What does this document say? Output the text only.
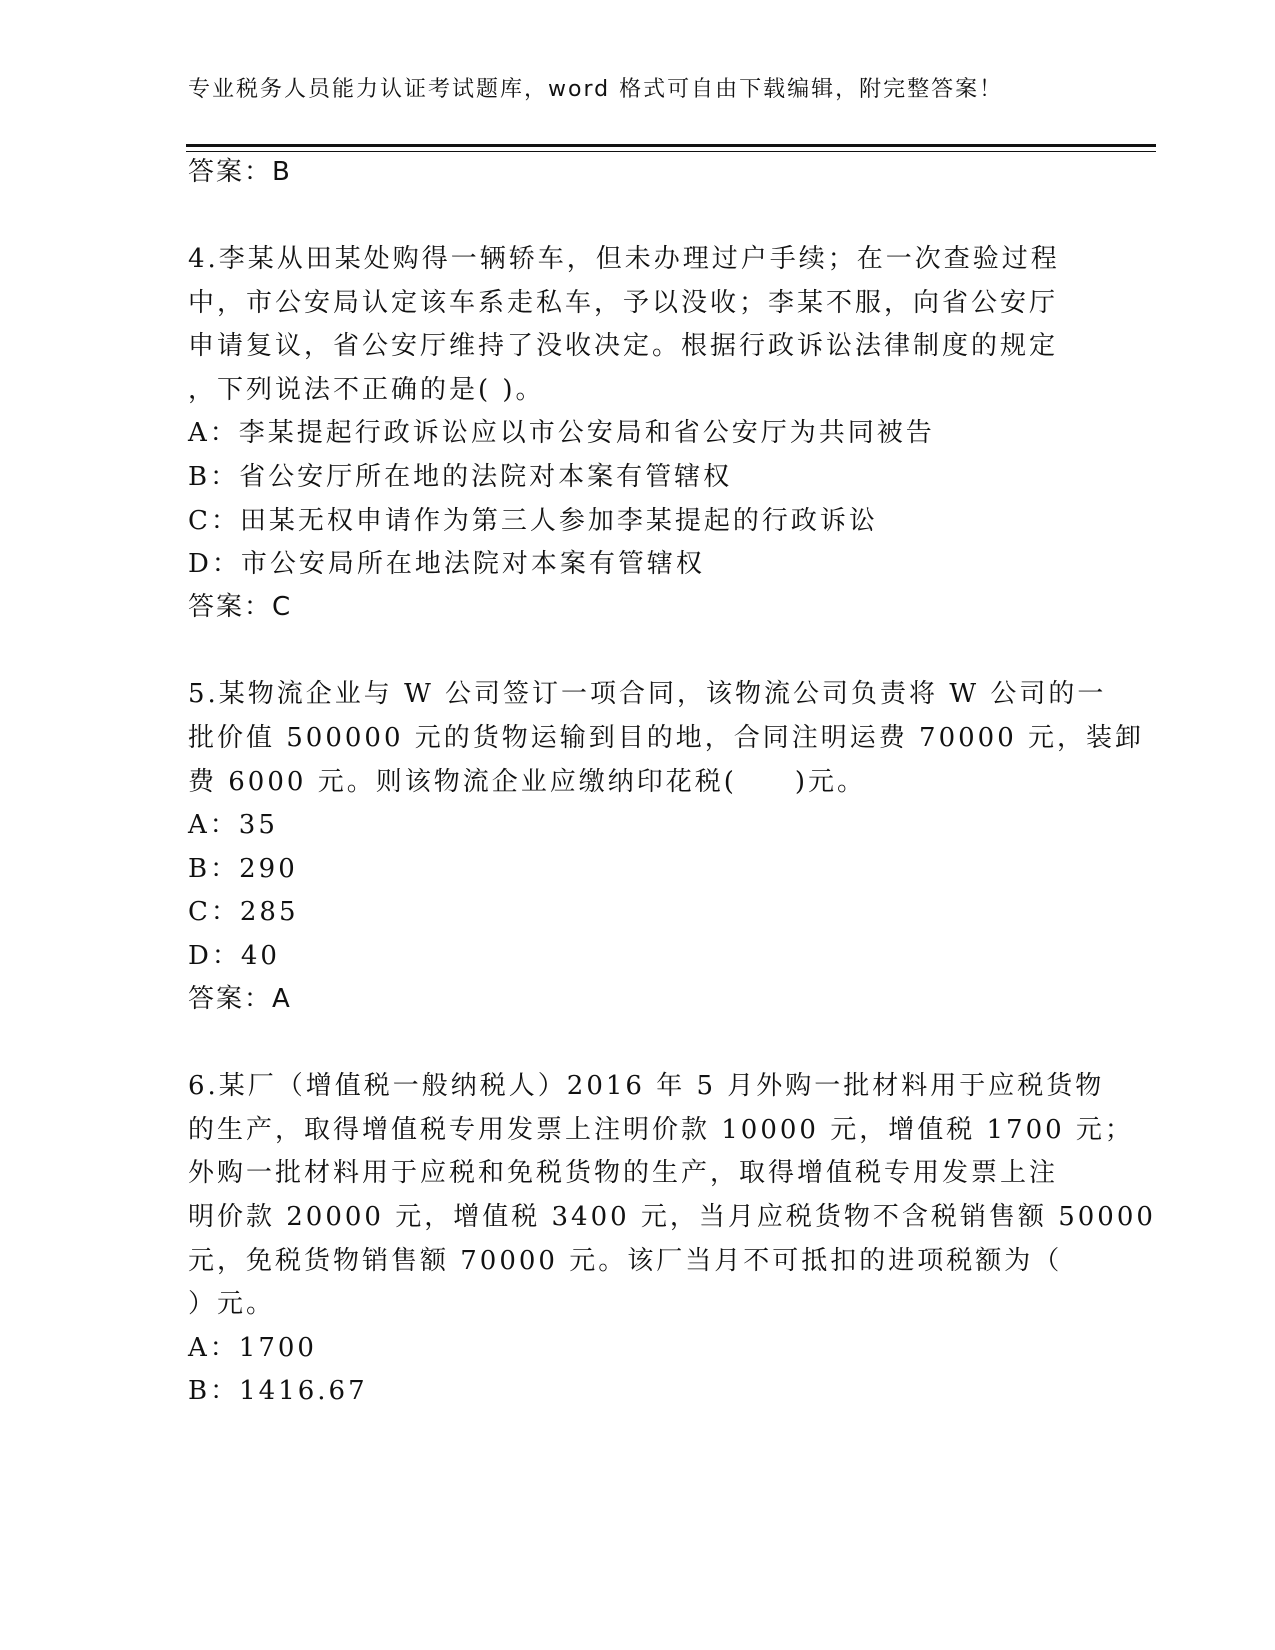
专业税务人员能力认证考试题库，word 格式可自由下载编辑，附完整答案！
答案：B
4.李某从田某处购得一辆轿车，但未办理过户手续；在一次查验过程
中，市公安局认定该车系走私车，予以没收；李某不服，向省公安厅
申请复议，省公安厅维持了没收决定。根据行政诉讼法律制度的规定
，下列说法不正确的是( )。
A：李某提起行政诉讼应以市公安局和省公安厅为共同被告
B：省公安厅所在地的法院对本案有管辖权
C：田某无权申请作为第三人参加李某提起的行政诉讼
D：市公安局所在地法院对本案有管辖权
答案：C
5.某物流企业与 W 公司签订一项合同，该物流公司负责将 W 公司的一
批价值 500000 元的货物运输到目的地，合同注明运费 70000 元，装卸
费 6000 元。则该物流企业应缴纳印花税(　　)元。
A：35
B：290
C：285
D：40
答案：A
6.某厂（增值税一般纳税人）2016 年 5 月外购一批材料用于应税货物
的生产，取得增值税专用发票上注明价款 10000 元，增值税 1700 元；
外购一批材料用于应税和免税货物的生产，取得增值税专用发票上注
明价款 20000 元，增值税 3400 元，当月应税货物不含税销售额 50000
元，免税货物销售额 70000 元。该厂当月不可抵扣的进项税额为（
）元。
A：1700
B：1416.67
